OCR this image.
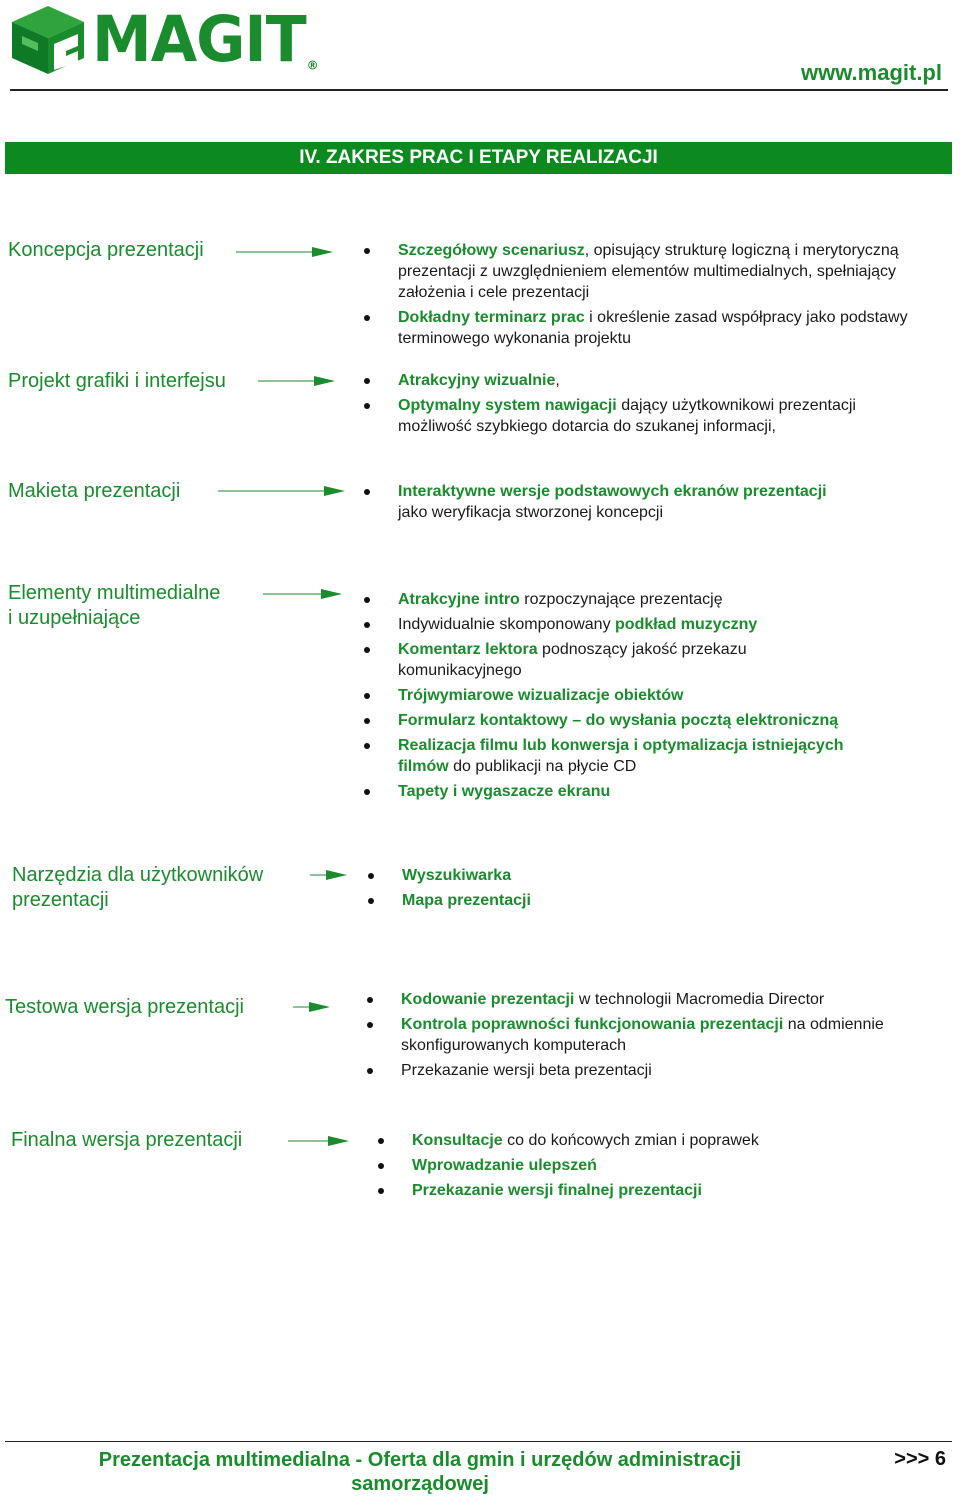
MAGIT®	www.magit.pl
IV. ZAKRES PRAC I ETAPY REALIZACJI
Koncepcja prezentacji
Projekt grafiki i interfejsu
Makieta prezentacji
Elementy multimedialne
i uzupełniające
Narzędzia dla użytkowników
prezentacji
Testowa wersja prezentacji
Finalna wersja prezentacji
Szczegółowy scenariusz, opisujący strukturę logiczną i merytoryczną prezentacji z uwzględnieniem elementów multimedialnych, spełniający założenia i cele prezentacji
Dokładny terminarz prac i określenie zasad współpracy jako podstawy terminowego wykonania projektu
Atrakcyjny wizualnie,
Optymalny system nawigacji dający użytkownikowi prezentacji możliwość szybkiego dotarcia do szukanej informacji,
Interaktywne wersje podstawowych ekranów prezentacji jako weryfikacja stworzonej koncepcji
Atrakcyjne intro rozpoczynające prezentację
Indywidualnie skomponowany podkład muzyczny
Komentarz lektora podnoszący jakość przekazu komunikacyjnego
Trójwymiarowe wizualizacje obiektów
Formularz kontaktowy – do wysłania pocztą elektroniczną
Realizacja filmu lub konwersja i optymalizacja istniejących filmów do publikacji na płycie CD
Tapety i wygaszacze ekranu
Wyszukiwarka
Mapa prezentacji
Kodowanie prezentacji w technologii Macromedia Director
Kontrola poprawności funkcjonowania prezentacji na odmiennie skonfigurowanych komputerach
Przekazanie wersji beta prezentacji
Konsultacje co do końcowych zmian i poprawek
Wprowadzanie ulepszeń
Przekazanie wersji finalnej prezentacji
Prezentacja multimedialna - Oferta dla gmin i urzędów administracji samorządowej
>>> 6
